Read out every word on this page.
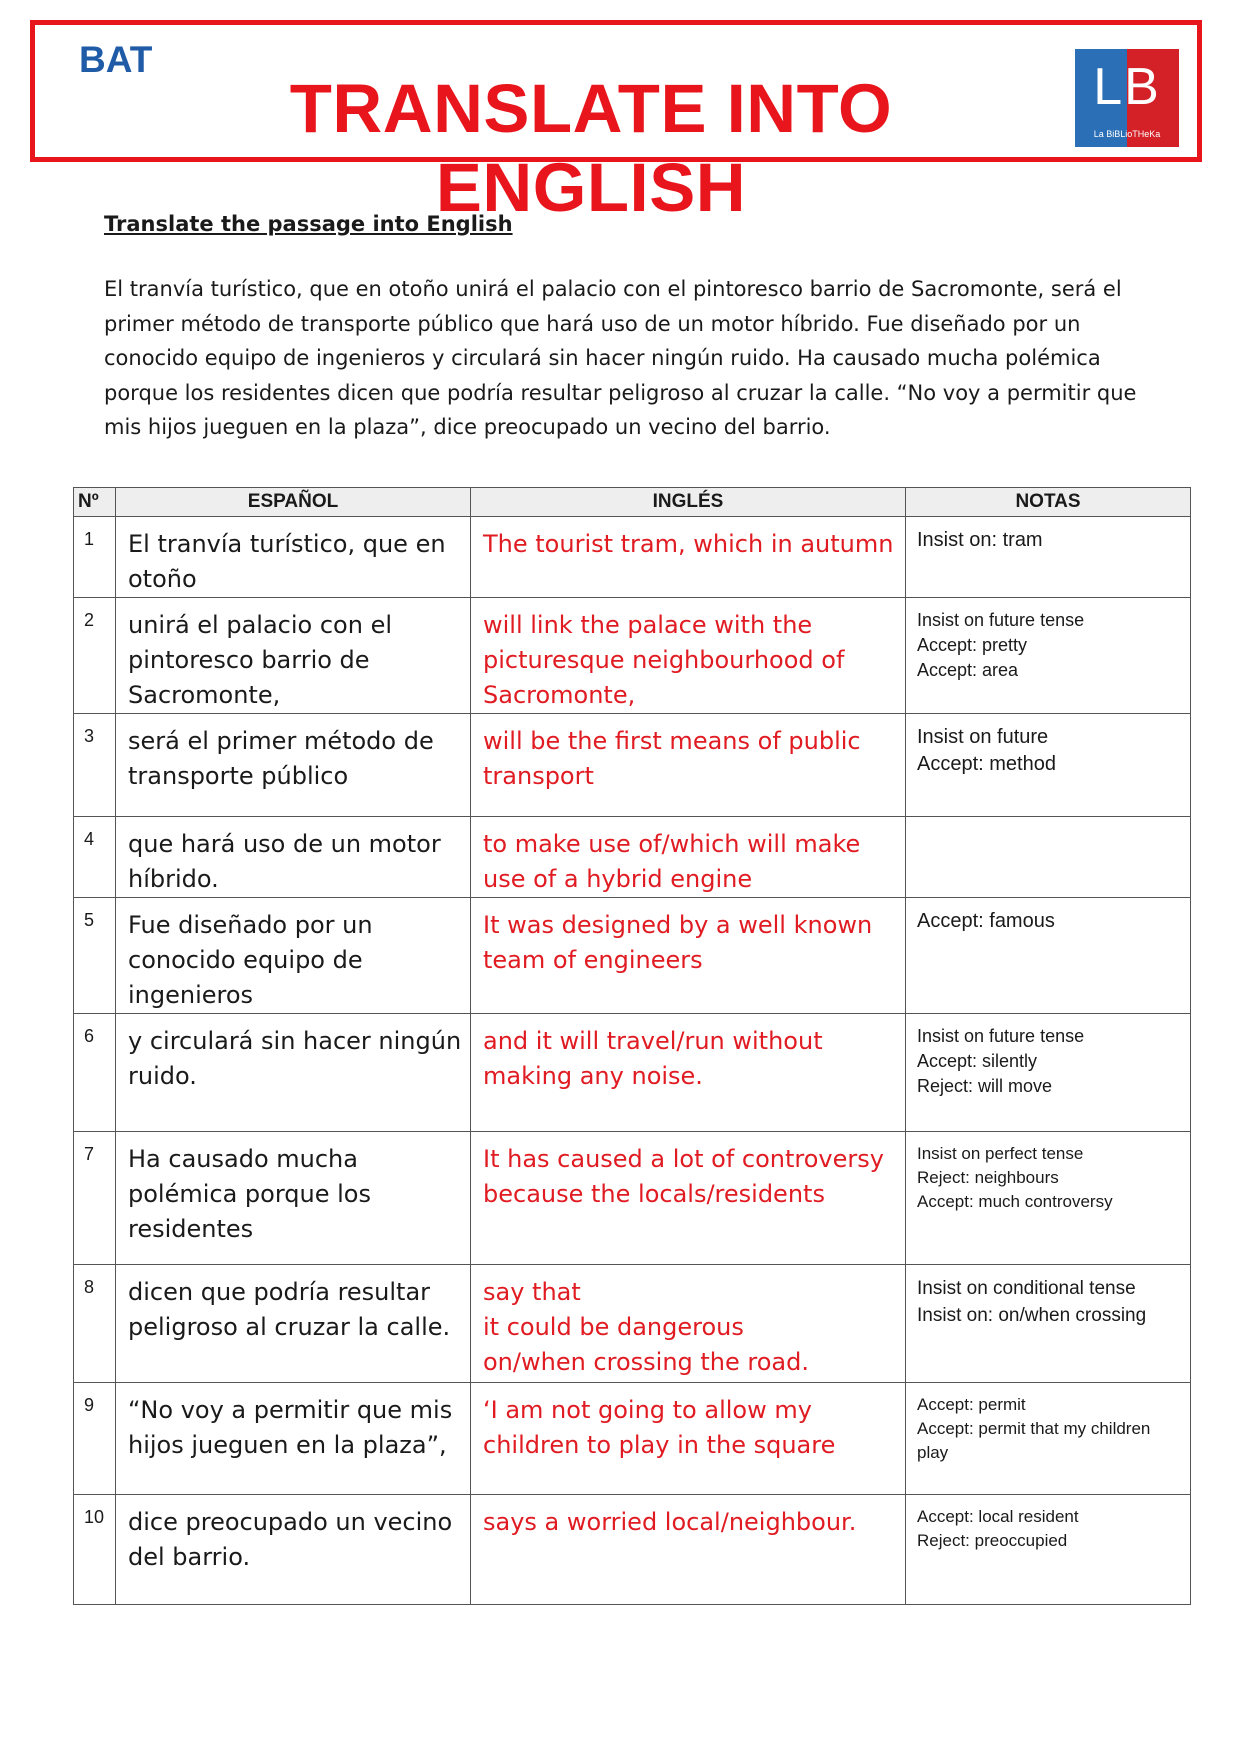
BAT
TRANSLATE INTO ENGLISH
LB
La BiBLioTHeKa
Translate the passage into English
El tranvía turístico, que en otoño unirá el palacio con el pintoresco barrio de Sacromonte, será el primer método de transporte público que hará uso de un motor híbrido. Fue diseñado por un conocido equipo de ingenieros y circulará sin hacer ningún ruido. Ha causado mucha polémica porque los residentes dicen que podría resultar peligroso al cruzar la calle. “No voy a permitir que mis hijos jueguen en la plaza”, dice preocupado un vecino del barrio.
Nº	ESPAÑOL	INGLÉS	NOTAS
1	El tranvía turístico, que en otoño	The tourist tram, which in autumn	Insist on: tram

2	unirá el palacio con el pintoresco barrio de Sacromonte,	will link the palace with the picturesque neighbourhood of Sacromonte,	Insist on future tense
Accept: pretty
Accept: area

3	será el primer método de transporte público	will be the first means of public transport	Insist on future
Accept: method

4	que hará uso de un motor híbrido.	to make use of/which will make use of a hybrid engine	

5	Fue diseñado por un conocido equipo de ingenieros	It was designed by a well known team of engineers	Accept: famous

6	y circulará sin hacer ningún ruido.	and it will travel/run without making any noise.	Insist on future tense
Accept: silently
Reject: will move

7	Ha causado mucha polémica porque los residentes	It has caused a lot of controversy because the locals/residents	Insist on perfect tense
Reject: neighbours
Accept: much controversy

8	dicen que podría resultar peligroso al cruzar la calle.	say that
it could be dangerous
on/when crossing the road.	Insist on conditional tense
Insist on: on/when crossing

9	“No voy a permitir que mis hijos jueguen en la plaza”,	‘I am not going to allow my children to play in the square	Accept: permit
Accept: permit that my children play

10	dice preocupado un vecino del barrio.	says a worried local/neighbour.	Accept: local resident
Reject: preoccupied
